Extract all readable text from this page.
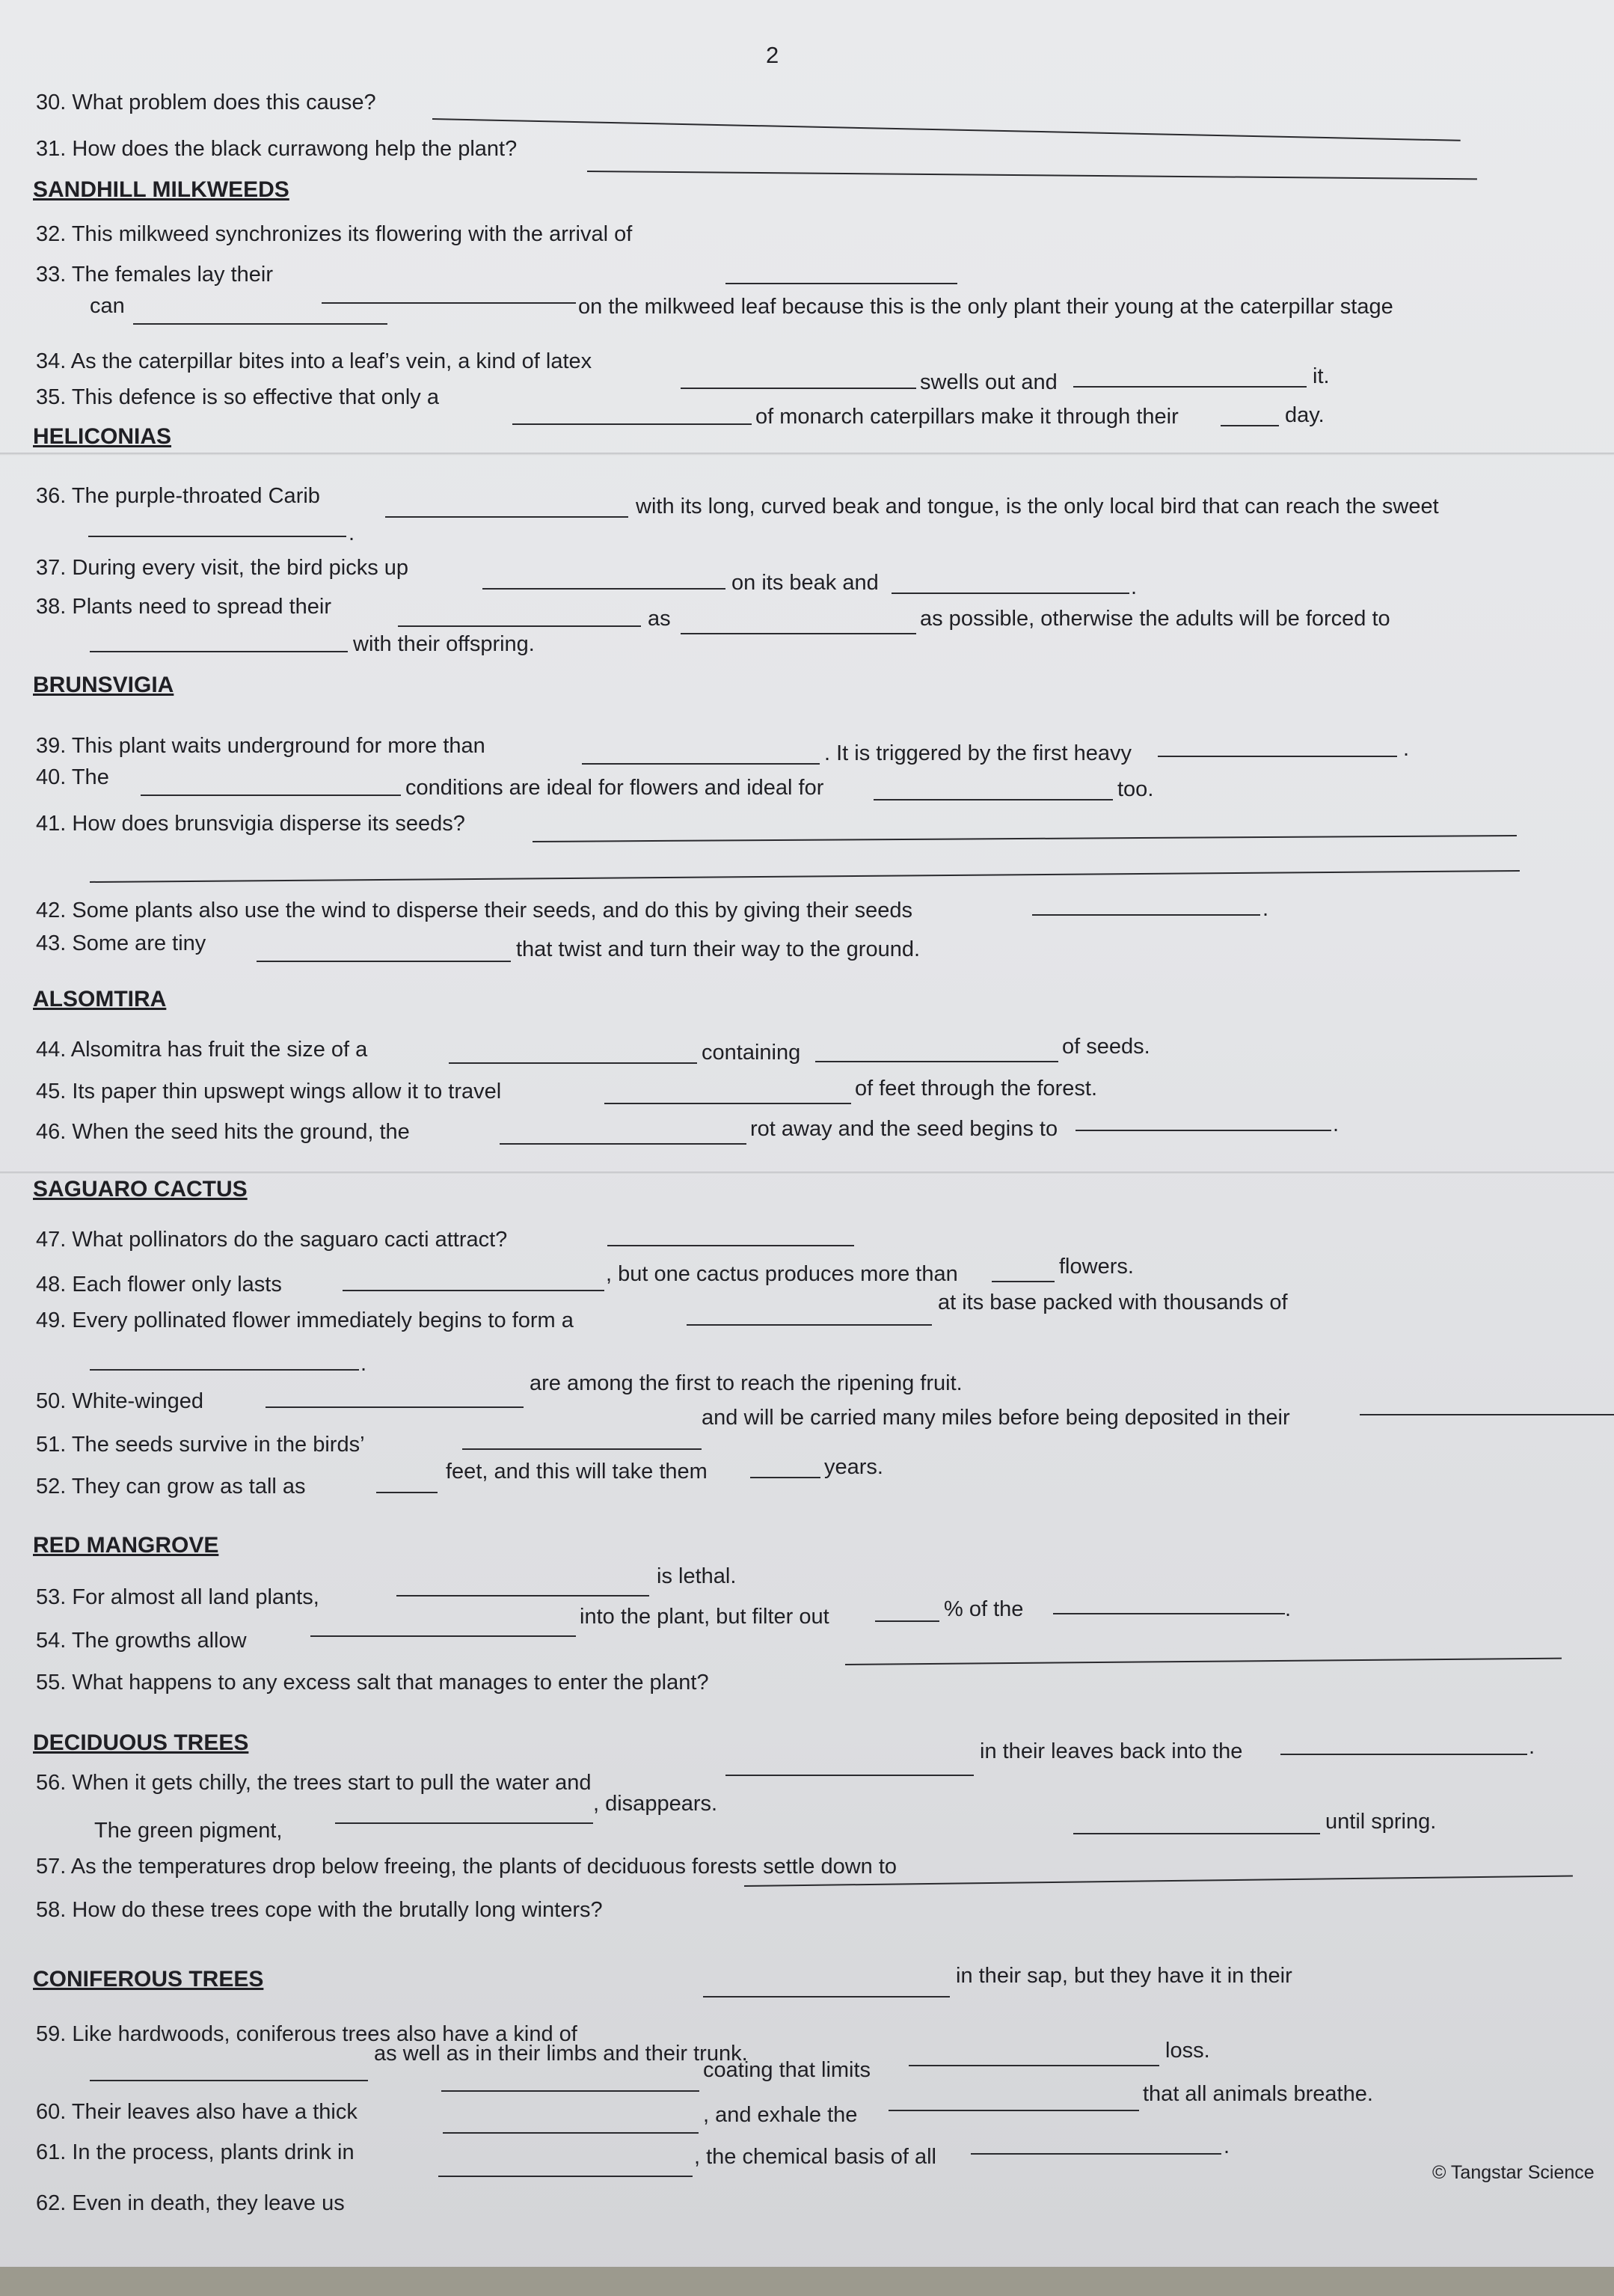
2
30. What problem does this cause?
31. How does the black currawong help the plant?
SANDHILL MILKWEEDS
32. This milkweed synchronizes its flowering with the arrival of
33. The females lay their
on the milkweed leaf because this is the only plant their young at the caterpillar stage
can
34. As the caterpillar bites into a leaf’s vein, a kind of latex
swells out and	it.
35. This defence is so effective that only a
of monarch caterpillars make it through their	day.
HELICONIAS
36. The purple-throated Carib	with its long, curved beak and tongue, is the only local bird that can reach the sweet
.
37. During every visit, the bird picks up
on its beak and	.
38. Plants need to spread their	as	as possible, otherwise the adults will be forced to
with their offspring.
BRUNSVIGIA
39. This plant waits underground for more than	. It is triggered by the first heavy	.
40. The	conditions are ideal for flowers and ideal for	too.
41. How does brunsvigia disperse its seeds?
42. Some plants also use the wind to disperse their seeds, and do this by giving their seeds	.
43. Some are tiny	that twist and turn their way to the ground.
ALSOMTIRA
44. Alsomitra has fruit the size of a	containing	of seeds.
45. Its paper thin upswept wings allow it to travel	of feet through the forest.
46. When the seed hits the ground, the	rot away and the seed begins to	.
SAGUARO CACTUS
47. What pollinators do the saguaro cacti attract?
48. Each flower only lasts	, but one cactus produces more than	flowers.
49. Every pollinated flower immediately begins to form a
at its base packed with thousands of
.
50. White-winged
are among the first to reach the ripening fruit.
51. The seeds survive in the birds’
and will be carried many miles before being deposited in their
52. They can grow as tall as
feet, and this will take them	years.
RED MANGROVE
is lethal.
53. For almost all land plants,
into the plant, but filter out	% of the	.
54. The growths allow
55. What happens to any excess salt that manages to enter the plant?
DECIDUOUS TREES	in their leaves back into the	.
56. When it gets chilly, the trees start to pull the water and
, disappears.
The green pigment,	until spring.
57. As the temperatures drop below freeing, the plants of deciduous forests settle down to
58. How do these trees cope with the brutally long winters?
CONIFEROUS TREES	in their sap, but they have it in their
59. Like hardwoods, coniferous trees also have a kind of
as well as in their limbs and their trunk.	loss.
coating that limits
60. Their leaves also have a thick
that all animals breathe.
, and exhale the
61. In the process, plants drink in	, the chemical basis of all	.
62. Even in death, they leave us
© Tangstar Science
